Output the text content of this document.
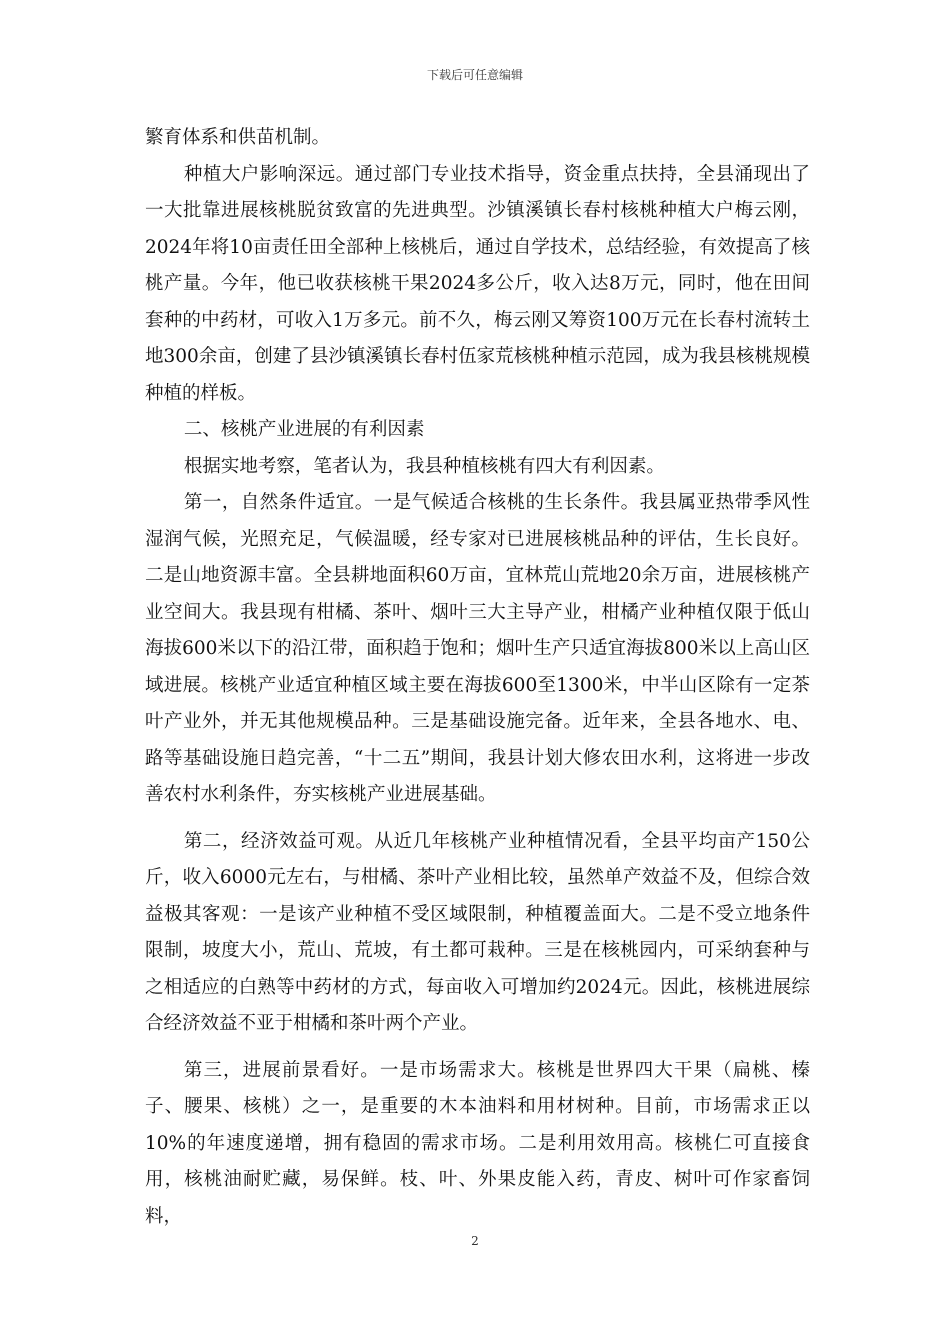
下载后可任意编辑

繁育体系和供苗机制。

种植大户影响深远。通过部门专业技术指导，资金重点扶持，全县涌现出了一大批靠进展核桃脱贫致富的先进典型。沙镇溪镇长春村核桃种植大户梅云刚，2024年将10亩责任田全部种上核桃后，通过自学技术，总结经验，有效提高了核桃产量。今年，他已收获核桃干果2024多公斤，收入达8万元，同时，他在田间套种的中药材，可收入1万多元。前不久，梅云刚又筹资100万元在长春村流转土地300余亩，创建了县沙镇溪镇长春村伍家荒核桃种植示范园，成为我县核桃规模种植的样板。

二、核桃产业进展的有利因素

根据实地考察，笔者认为，我县种植核桃有四大有利因素。

第一，自然条件适宜。一是气候适合核桃的生长条件。我县属亚热带季风性湿润气候，光照充足，气候温暖，经专家对已进展核桃品种的评估，生长良好。二是山地资源丰富。全县耕地面积60万亩，宜林荒山荒地20余万亩，进展核桃产业空间大。我县现有柑橘、茶叶、烟叶三大主导产业，柑橘产业种植仅限于低山海拔600米以下的沿江带，面积趋于饱和；烟叶生产只适宜海拔800米以上高山区域进展。核桃产业适宜种植区域主要在海拔600至1300米，中半山区除有一定茶叶产业外，并无其他规模品种。三是基础设施完备。近年来，全县各地水、电、路等基础设施日趋完善，“十二五”期间，我县计划大修农田水利，这将进一步改善农村水利条件，夯实核桃产业进展基础。

第二，经济效益可观。从近几年核桃产业种植情况看，全县平均亩产150公斤，收入6000元左右，与柑橘、茶叶产业相比较，虽然单产效益不及，但综合效益极其客观：一是该产业种植不受区域限制，种植覆盖面大。二是不受立地条件限制，坡度大小，荒山、荒坡，有土都可栽种。三是在核桃园内，可采纳套种与之相适应的白熟等中药材的方式，每亩收入可增加约2024元。因此，核桃进展综合经济效益不亚于柑橘和茶叶两个产业。

第三，进展前景看好。一是市场需求大。核桃是世界四大干果（扁桃、榛子、腰果、核桃）之一，是重要的木本油料和用材树种。目前，市场需求正以10%的年速度递增，拥有稳固的需求市场。二是利用效用高。核桃仁可直接食用，核桃油耐贮藏，易保鲜。枝、叶、外果皮能入药，青皮、树叶可作家畜饲料，

2
